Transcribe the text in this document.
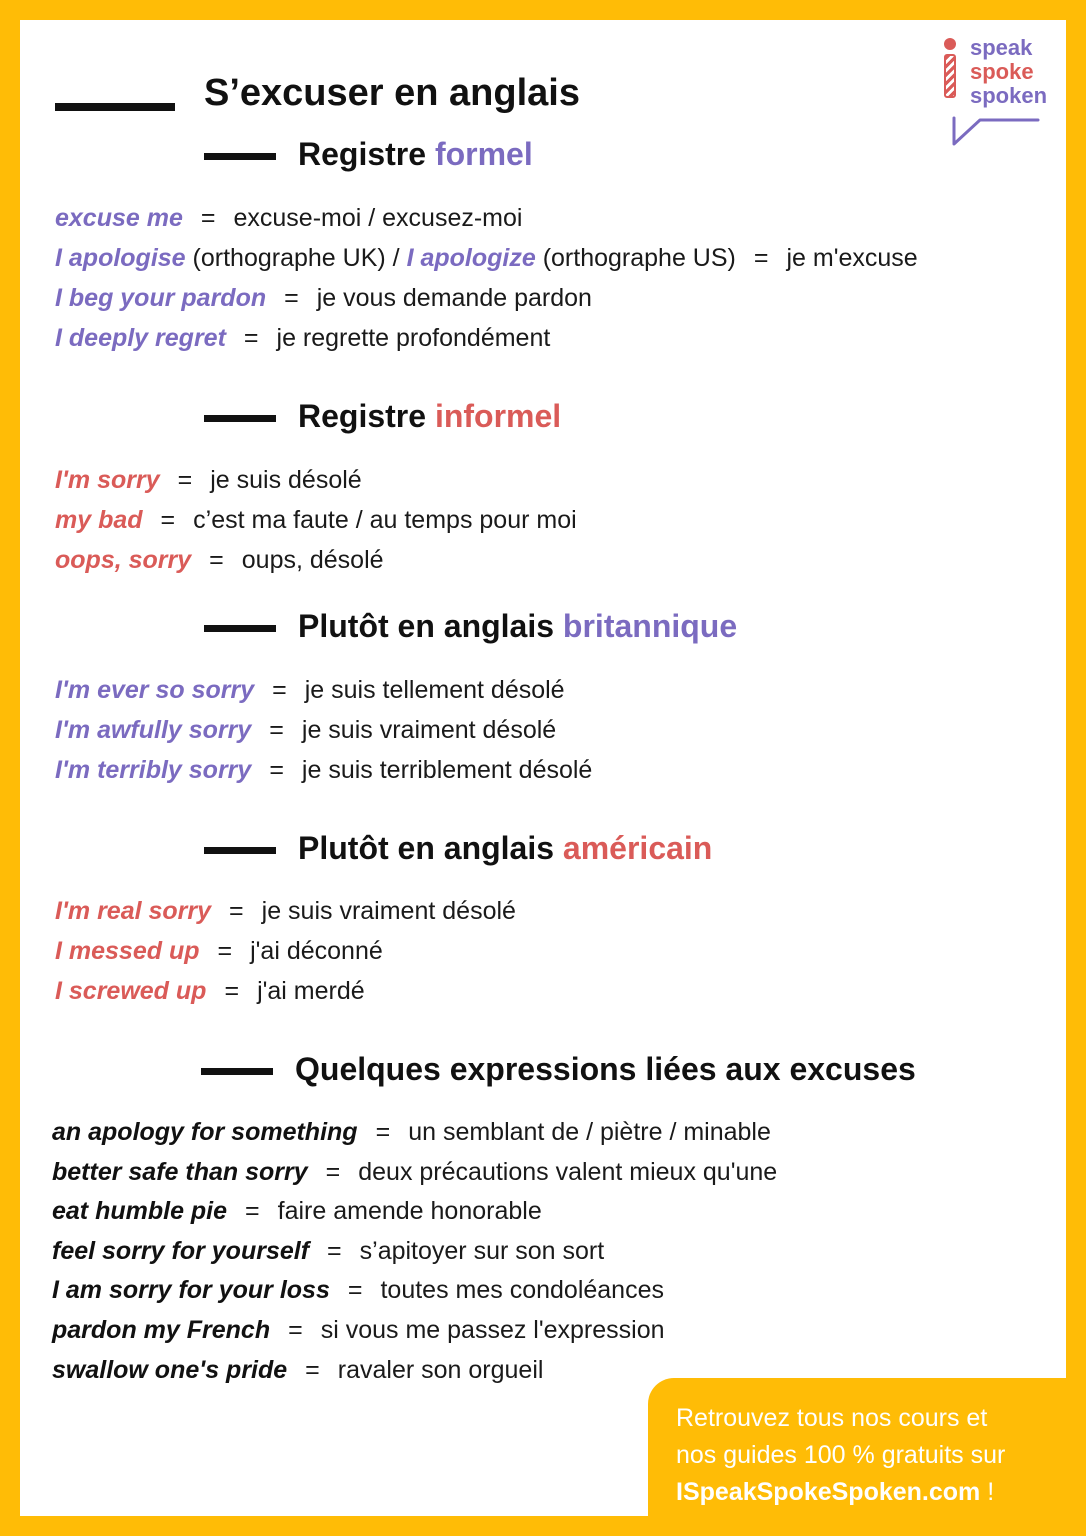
S’excuser en anglais
speak
spoke
spoken
Registre formel
excuse me = excuse-moi / excusez-moi
I apologise (orthographe UK) / I apologize (orthographe US) = je m'excuse
I beg your pardon = je vous demande pardon
I deeply regret = je regrette profondément
Registre informel
I'm sorry = je suis désolé
my bad = c’est ma faute / au temps pour moi
oops, sorry = oups, désolé
Plutôt en anglais britannique
I'm ever so sorry = je suis tellement désolé
I'm awfully sorry = je suis vraiment désolé
I'm terribly sorry = je suis terriblement désolé
Plutôt en anglais américain
I'm real sorry = je suis vraiment désolé
I messed up = j'ai déconné
I screwed up = j'ai merdé
Quelques expressions liées aux excuses
an apology for something = un semblant de / piètre / minable
better safe than sorry = deux précautions valent mieux qu'une
eat humble pie = faire amende honorable
feel sorry for yourself = s’apitoyer sur son sort
I am sorry for your loss = toutes mes condoléances
pardon my French = si vous me passez l'expression
swallow one's pride = ravaler son orgueil
Retrouvez tous nos cours et
nos guides 100 % gratuits sur
ISpeakSpokeSpoken.com !
